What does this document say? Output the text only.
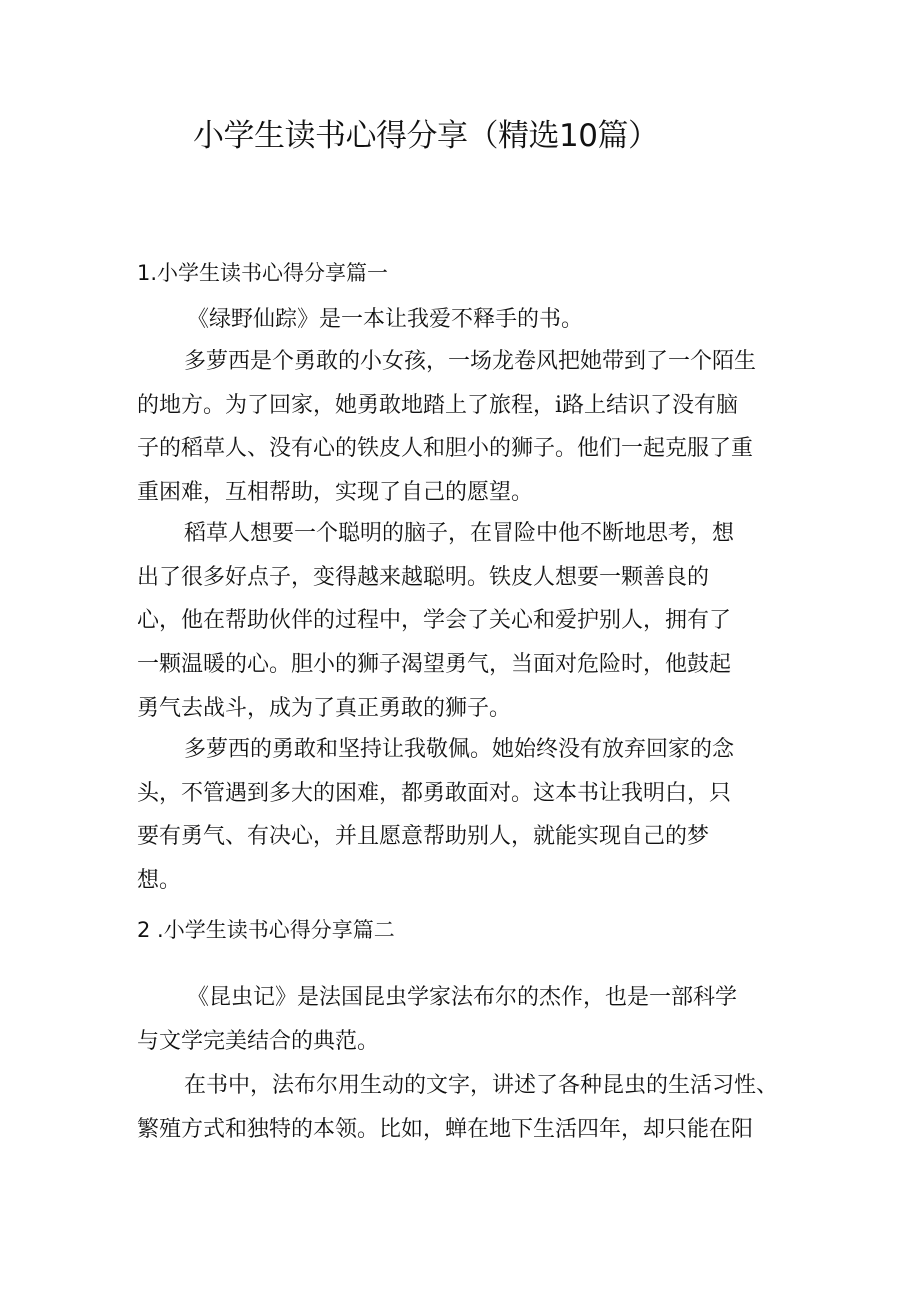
小学生读书心得分享（精选10篇）
1.小学生读书心得分享篇一

《绿野仙踪》是一本让我爱不释手的书。

多萝西是个勇敢的小女孩，一场龙卷风把她带到了一个陌生
的地方。为了回家，她勇敢地踏上了旅程，i路上结识了没有脑
子的稻草人、没有心的铁皮人和胆小的狮子。他们一起克服了重
重困难，互相帮助，实现了自己的愿望。

稻草人想要一个聪明的脑子，在冒险中他不断地思考，想
出了很多好点子，变得越来越聪明。铁皮人想要一颗善良的
心，他在帮助伙伴的过程中，学会了关心和爱护别人，拥有了
一颗温暖的心。胆小的狮子渴望勇气，当面对危险时，他鼓起
勇气去战斗，成为了真正勇敢的狮子。

多萝西的勇敢和坚持让我敬佩。她始终没有放弃回家的念
头，不管遇到多大的困难，都勇敢面对。这本书让我明白，只
要有勇气、有决心，并且愿意帮助别人，就能实现自己的梦
想。

2 .小学生读书心得分享篇二

《昆虫记》是法国昆虫学家法布尔的杰作，也是一部科学
与文学完美结合的典范。

在书中，法布尔用生动的文字，讲述了各种昆虫的生活习性、
繁殖方式和独特的本领。比如，蝉在地下生活四年，却只能在阳
